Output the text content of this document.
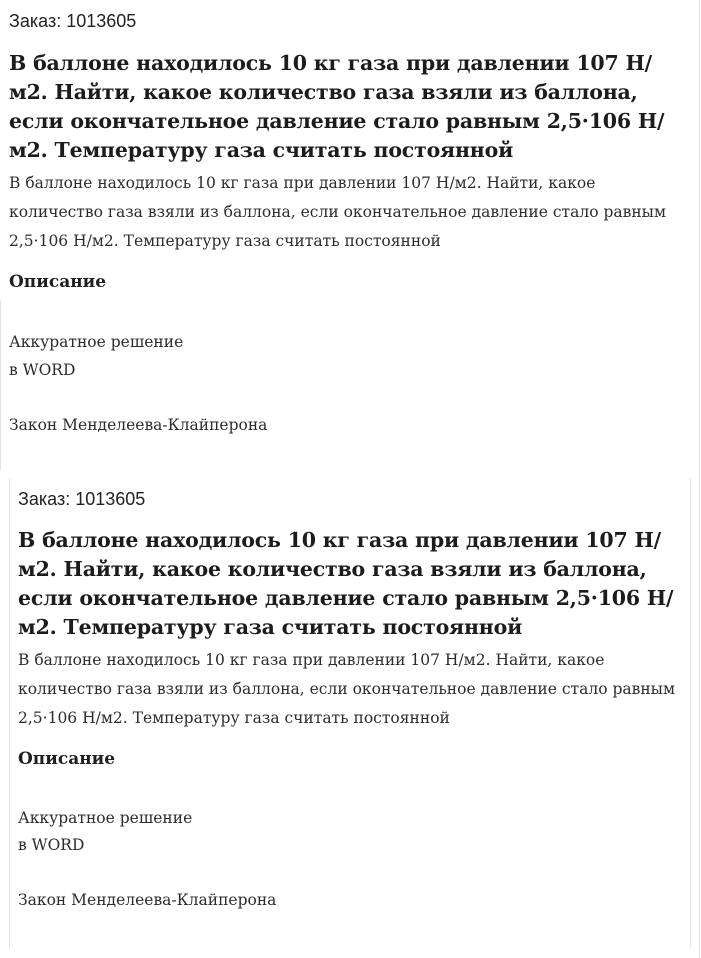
Заказ: 1013605
В баллоне находилось 10 кг газа при давлении 107 Н/м2. Найти, какое количество газа взяли из баллона, если окончательное давление стало равным 2,5·106 Н/м2. Температуру газа считать постоянной
В баллоне находилось 10 кг газа при давлении 107 Н/м2. Найти, какое количество газа взяли из баллона, если окончательное давление стало равным 2,5·106 Н/м2. Температуру газа считать постоянной
Описание
Аккуратное решение
в WORD
Закон Менделеева-Клайперона
Заказ: 1013605
В баллоне находилось 10 кг газа при давлении 107 Н/м2. Найти, какое количество газа взяли из баллона, если окончательное давление стало равным 2,5·106 Н/м2. Температуру газа считать постоянной
В баллоне находилось 10 кг газа при давлении 107 Н/м2. Найти, какое количество газа взяли из баллона, если окончательное давление стало равным 2,5·106 Н/м2. Температуру газа считать постоянной
Описание
Аккуратное решение
в WORD
Закон Менделеева-Клайперона
